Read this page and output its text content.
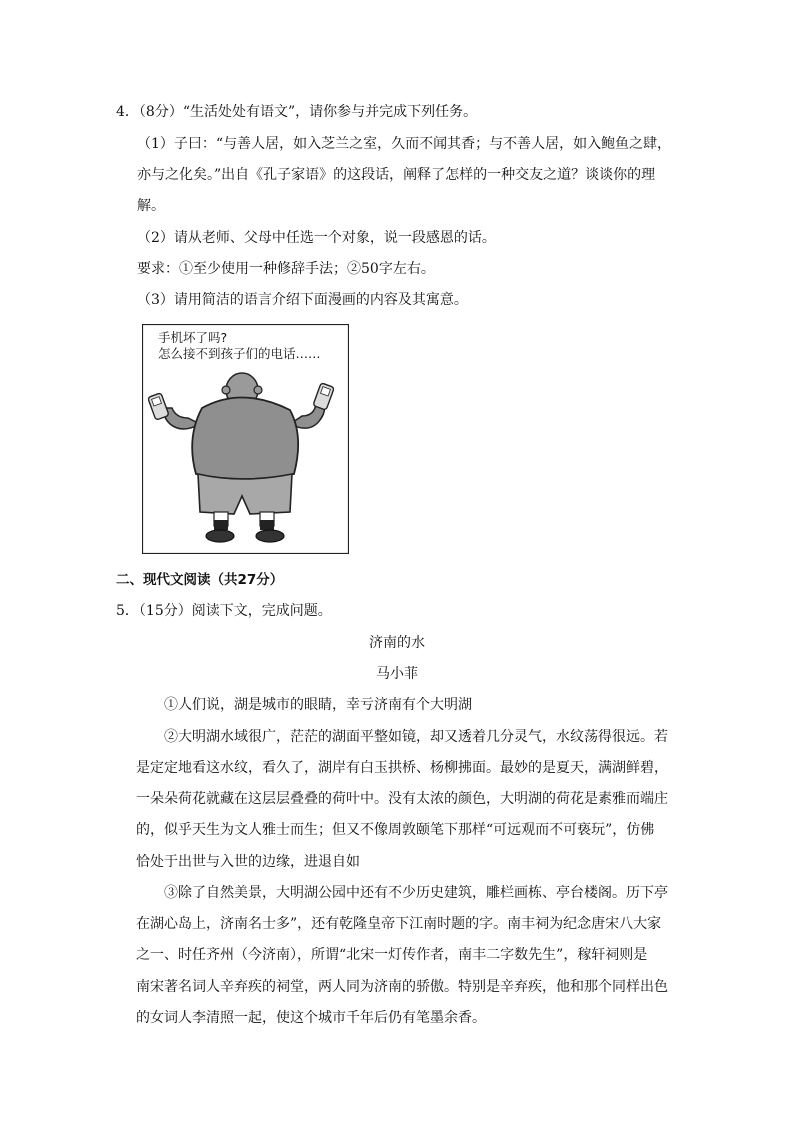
4．（8分）“生活处处有语文”，请你参与并完成下列任务。
（1）子曰：“与善人居，如入芝兰之室，久而不闻其香；与不善人居，如入鲍鱼之肆，
亦与之化矣。”出自《孔子家语》的这段话，阐释了怎样的一种交友之道？谈谈你的理
解。
（2）请从老师、父母中任选一个对象，说一段感恩的话。
要求：①至少使用一种修辞手法；②50字左右。
（3）请用简洁的语言介绍下面漫画的内容及其寓意。
手机坏了吗?
怎么接不到孩子们的电话……
二、现代文阅读（共27分）
5．（15分）阅读下文，完成问题。
济南的水
马小菲
①人们说，湖是城市的眼睛，幸亏济南有个大明湖
②大明湖水域很广，茫茫的湖面平整如镜，却又透着几分灵气，水纹荡得很远。若
是定定地看这水纹，看久了，湖岸有白玉拱桥、杨柳拂面。最妙的是夏天，满湖鲜碧，
一朵朵荷花就藏在这层层叠叠的荷叶中。没有太浓的颜色，大明湖的荷花是素雅而端庄
的，似乎天生为文人雅士而生；但又不像周敦颐笔下那样“可远观而不可亵玩”，仿佛
恰处于出世与入世的边缘，进退自如
③除了自然美景，大明湖公园中还有不少历史建筑，雕栏画栋、亭台楼阁。历下亭
在湖心岛上，济南名士多”，还有乾隆皇帝下江南时题的字。南丰祠为纪念唐宋八大家
之一、时任齐州（今济南），所谓“北宋一灯传作者，南丰二字数先生”，稼轩祠则是
南宋著名词人辛弃疾的祠堂，两人同为济南的骄傲。特别是辛弃疾，他和那个同样出色
的女词人李清照一起，使这个城市千年后仍有笔墨余香。
